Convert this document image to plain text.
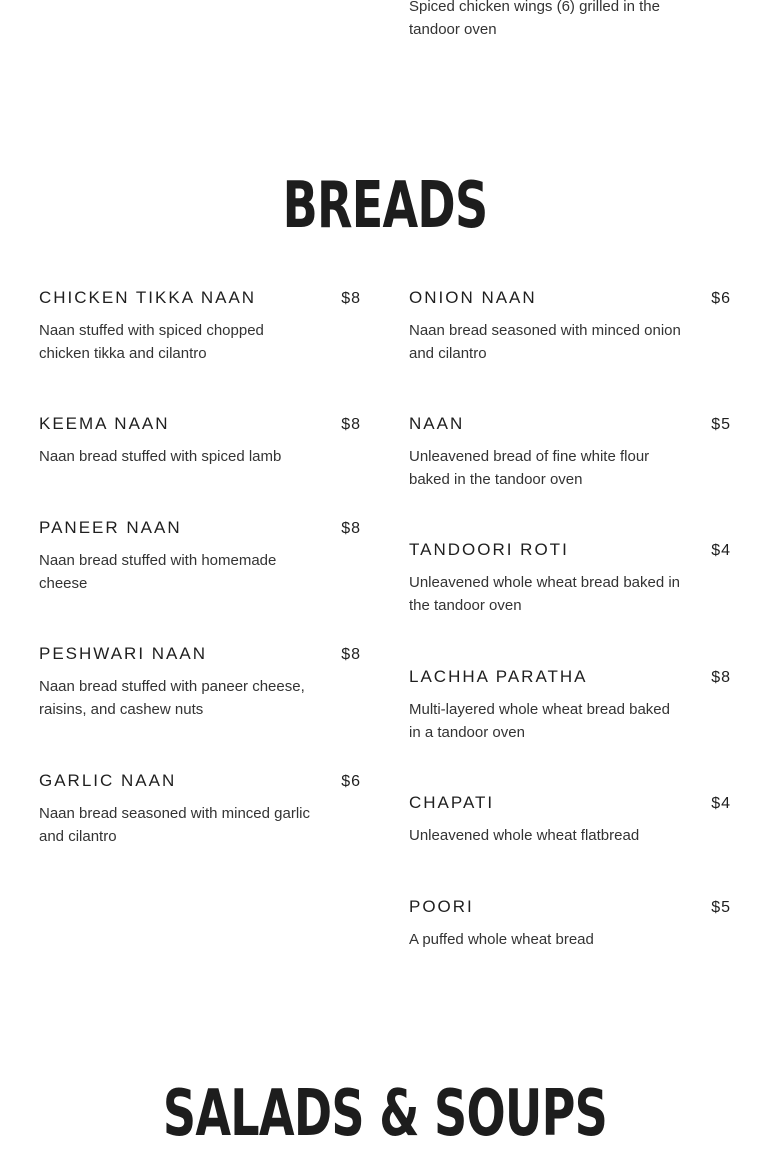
Spiced chicken wings (6) grilled in the tandoor oven
BREADS
CHICKEN TIKKA NAAN	$8
Naan stuffed with spiced chopped chicken tikka and cilantro
KEEMA NAAN	$8
Naan bread stuffed with spiced lamb
PANEER NAAN	$8
Naan bread stuffed with homemade cheese
PESHWARI NAAN	$8
Naan bread stuffed with paneer cheese, raisins, and cashew nuts
GARLIC NAAN	$6
Naan bread seasoned with minced garlic and cilantro
ONION NAAN	$6
Naan bread seasoned with minced onion and cilantro
NAAN	$5
Unleavened bread of fine white flour baked in the tandoor oven
TANDOORI ROTI	$4
Unleavened whole wheat bread baked in the tandoor oven
LACHHA PARATHA	$8
Multi-layered whole wheat bread baked in a tandoor oven
CHAPATI	$4
Unleavened whole wheat flatbread
POORI	$5
A puffed whole wheat bread
SALADS & SOUPS
